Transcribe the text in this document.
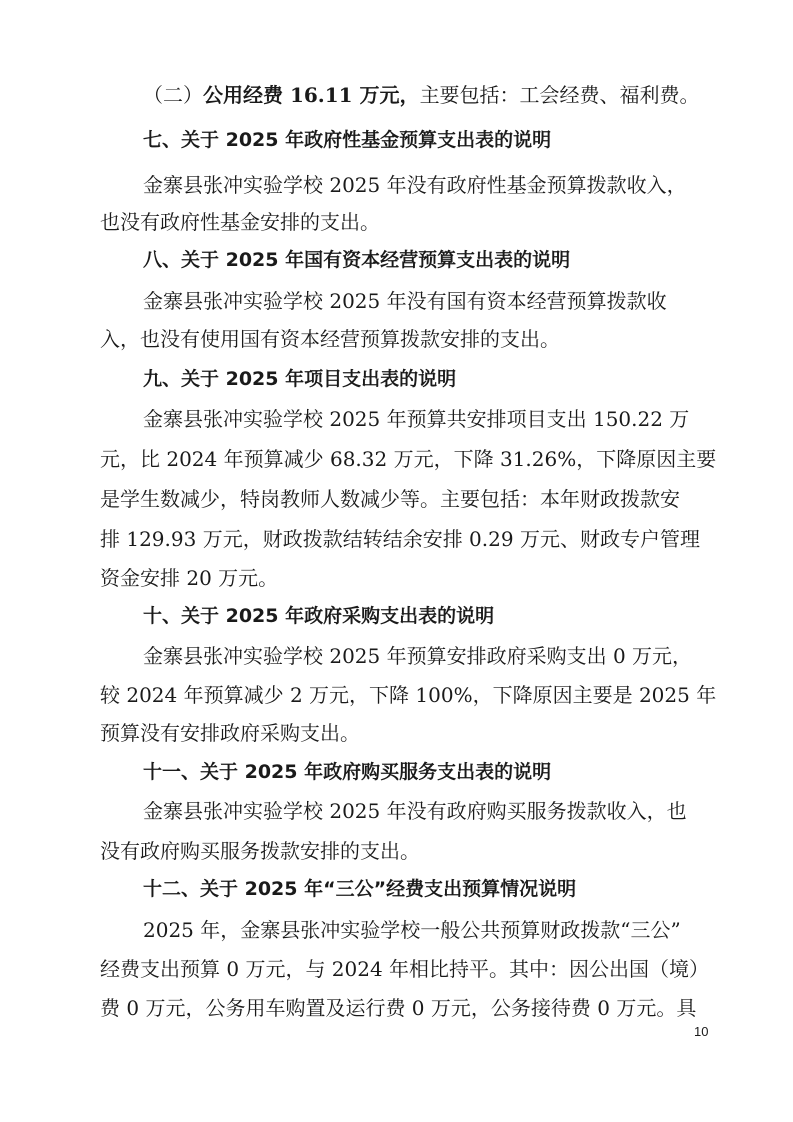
（二）公用经费 16.11 万元，主要包括：工会经费、福利费。
七、关于 2025 年政府性基金预算支出表的说明
金寨县张冲实验学校 2025 年没有政府性基金预算拨款收入，
也没有政府性基金安排的支出。
八、关于 2025 年国有资本经营预算支出表的说明
金寨县张冲实验学校 2025 年没有国有资本经营预算拨款收
入，也没有使用国有资本经营预算拨款安排的支出。
九、关于 2025 年项目支出表的说明
金寨县张冲实验学校 2025 年预算共安排项目支出 150.22 万
元，比 2024 年预算减少 68.32 万元，下降 31.26%，下降原因主要
是学生数减少，特岗教师人数减少等。主要包括：本年财政拨款安
排 129.93 万元，财政拨款结转结余安排 0.29 万元、财政专户管理
资金安排 20 万元。
十、关于 2025 年政府采购支出表的说明
金寨县张冲实验学校 2025 年预算安排政府采购支出 0 万元，
较 2024 年预算减少 2 万元，下降 100%，下降原因主要是 2025 年
预算没有安排政府采购支出。
十一、关于 2025 年政府购买服务支出表的说明
金寨县张冲实验学校 2025 年没有政府购买服务拨款收入，也
没有政府购买服务拨款安排的支出。
十二、关于 2025 年“三公”经费支出预算情况说明
2025 年，金寨县张冲实验学校一般公共预算财政拨款“三公”
经费支出预算 0 万元，与 2024 年相比持平。其中：因公出国（境）
费 0 万元，公务用车购置及运行费 0 万元，公务接待费 0 万元。具
10
